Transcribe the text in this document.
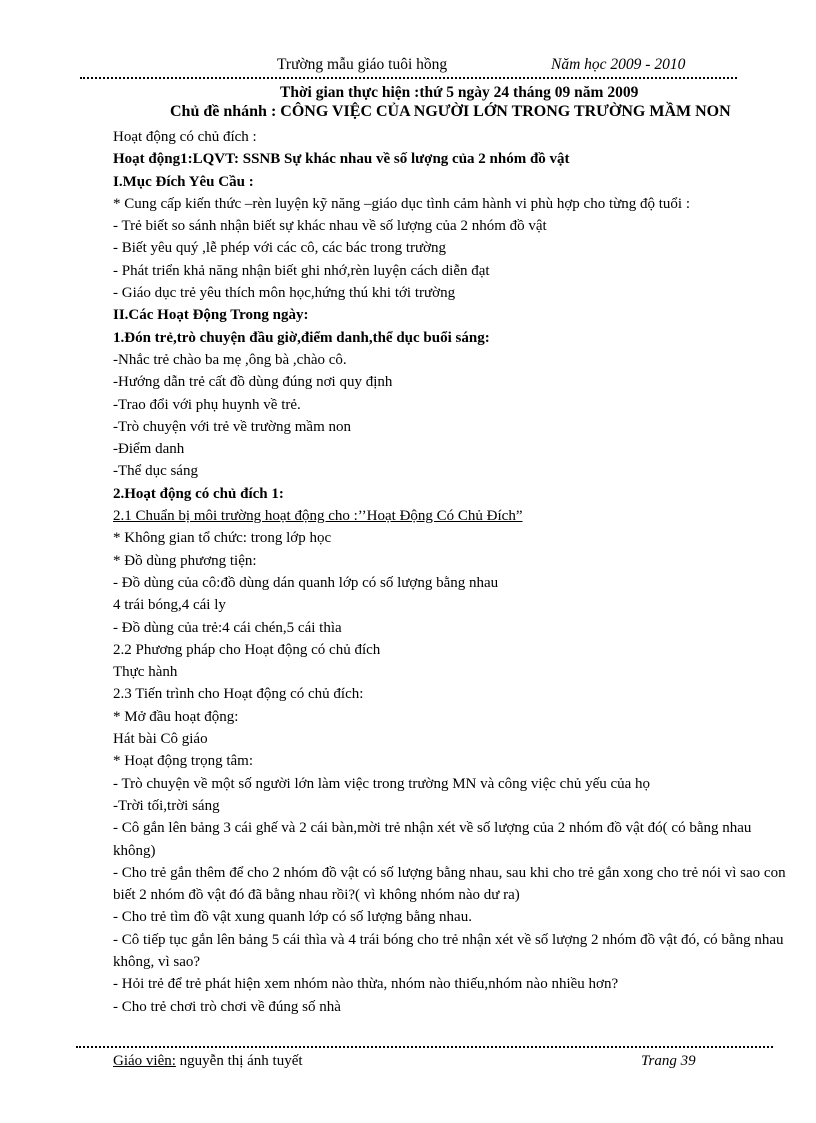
Trường mẫu giáo tuôi hồng	Năm học 2009 - 2010
Thời gian thực hiện :thứ 5 ngày 24 tháng 09 năm 2009
Chủ đề nhánh : CÔNG VIỆC CỦA NGƯỜI LỚN TRONG TRƯỜNG MẦM NON
Hoạt động có chủ đích :
Hoạt động1:LQVT: SSNB Sự khác nhau về số lượng của 2 nhóm đồ vật
I.Mục Đích Yêu Cầu :
* Cung cấp kiến thức –rèn luyện kỹ năng –giáo dục tình cảm hành vi phù hợp cho từng độ tuổi :
- Trẻ biết so sánh nhận biết sự khác nhau về số lượng của 2 nhóm đồ vật
- Biết yêu quý ,lễ phép với các cô, các bác trong trường
- Phát triển khả năng nhận biết ghi nhớ,rèn luyện cách diễn đạt
- Giáo dục trẻ yêu thích môn học,hứng thú khi tới trường
II.Các Hoạt Động Trong ngày:
1.Đón trẻ,trò chuyện đầu giờ,điểm danh,thể dục buổi sáng:
-Nhắc trẻ chào ba mẹ ,ông bà ,chào cô.
-Hướng dẫn trẻ cất đồ dùng đúng nơi quy định
-Trao đổi với phụ huynh về trẻ.
-Trò chuyện với trẻ về trường mầm non
-Điểm danh
-Thể dục sáng
2.Hoạt động có chủ đích 1:
2.1 Chuẩn bị môi trường hoạt động cho :’’Hoạt Động Có Chủ Đích”
* Không gian tổ chức: trong lớp học
* Đồ dùng phương tiện:
- Đồ dùng của cô:đồ dùng dán quanh lớp có số lượng bằng nhau
4 trái bóng,4 cái ly
- Đồ dùng của trẻ:4 cái chén,5 cái thìa
2.2 Phương pháp cho Hoạt động có chủ đích
Thực hành
2.3 Tiến trình cho Hoạt động có chủ đích:
* Mở đầu hoạt động:
Hát bài Cô giáo
* Hoạt động trọng tâm:
- Trò chuyện về một số người lớn làm việc trong trường MN và công việc chủ yếu của họ
-Trời tối,trời sáng
- Cô gắn lên bảng 3 cái ghế và 2 cái bàn,mời trẻ nhận xét về số lượng của 2 nhóm đồ vật đó( có bằng nhau không)
- Cho trẻ gắn thêm để cho 2 nhóm đồ vật có số lượng bằng nhau, sau khi cho trẻ gắn xong cho trẻ nói vì sao con biết 2 nhóm đồ vật đó đã bằng nhau rồi?( vì không nhóm nào dư ra)
- Cho trẻ tìm đồ vật xung quanh lớp có số lượng bằng nhau.
- Cô tiếp tục gắn lên bảng 5 cái thìa và 4 trái bóng cho trẻ nhận xét về số lượng 2 nhóm đồ vật đó, có bằng nhau không, vì sao?
- Hỏi trẻ để trẻ phát hiện xem nhóm nào thừa, nhóm nào thiếu,nhóm nào nhiều hơn?
- Cho trẻ chơi trò chơi về đúng số nhà
Giáo viên: nguyễn thị ánh tuyết	Trang 39
